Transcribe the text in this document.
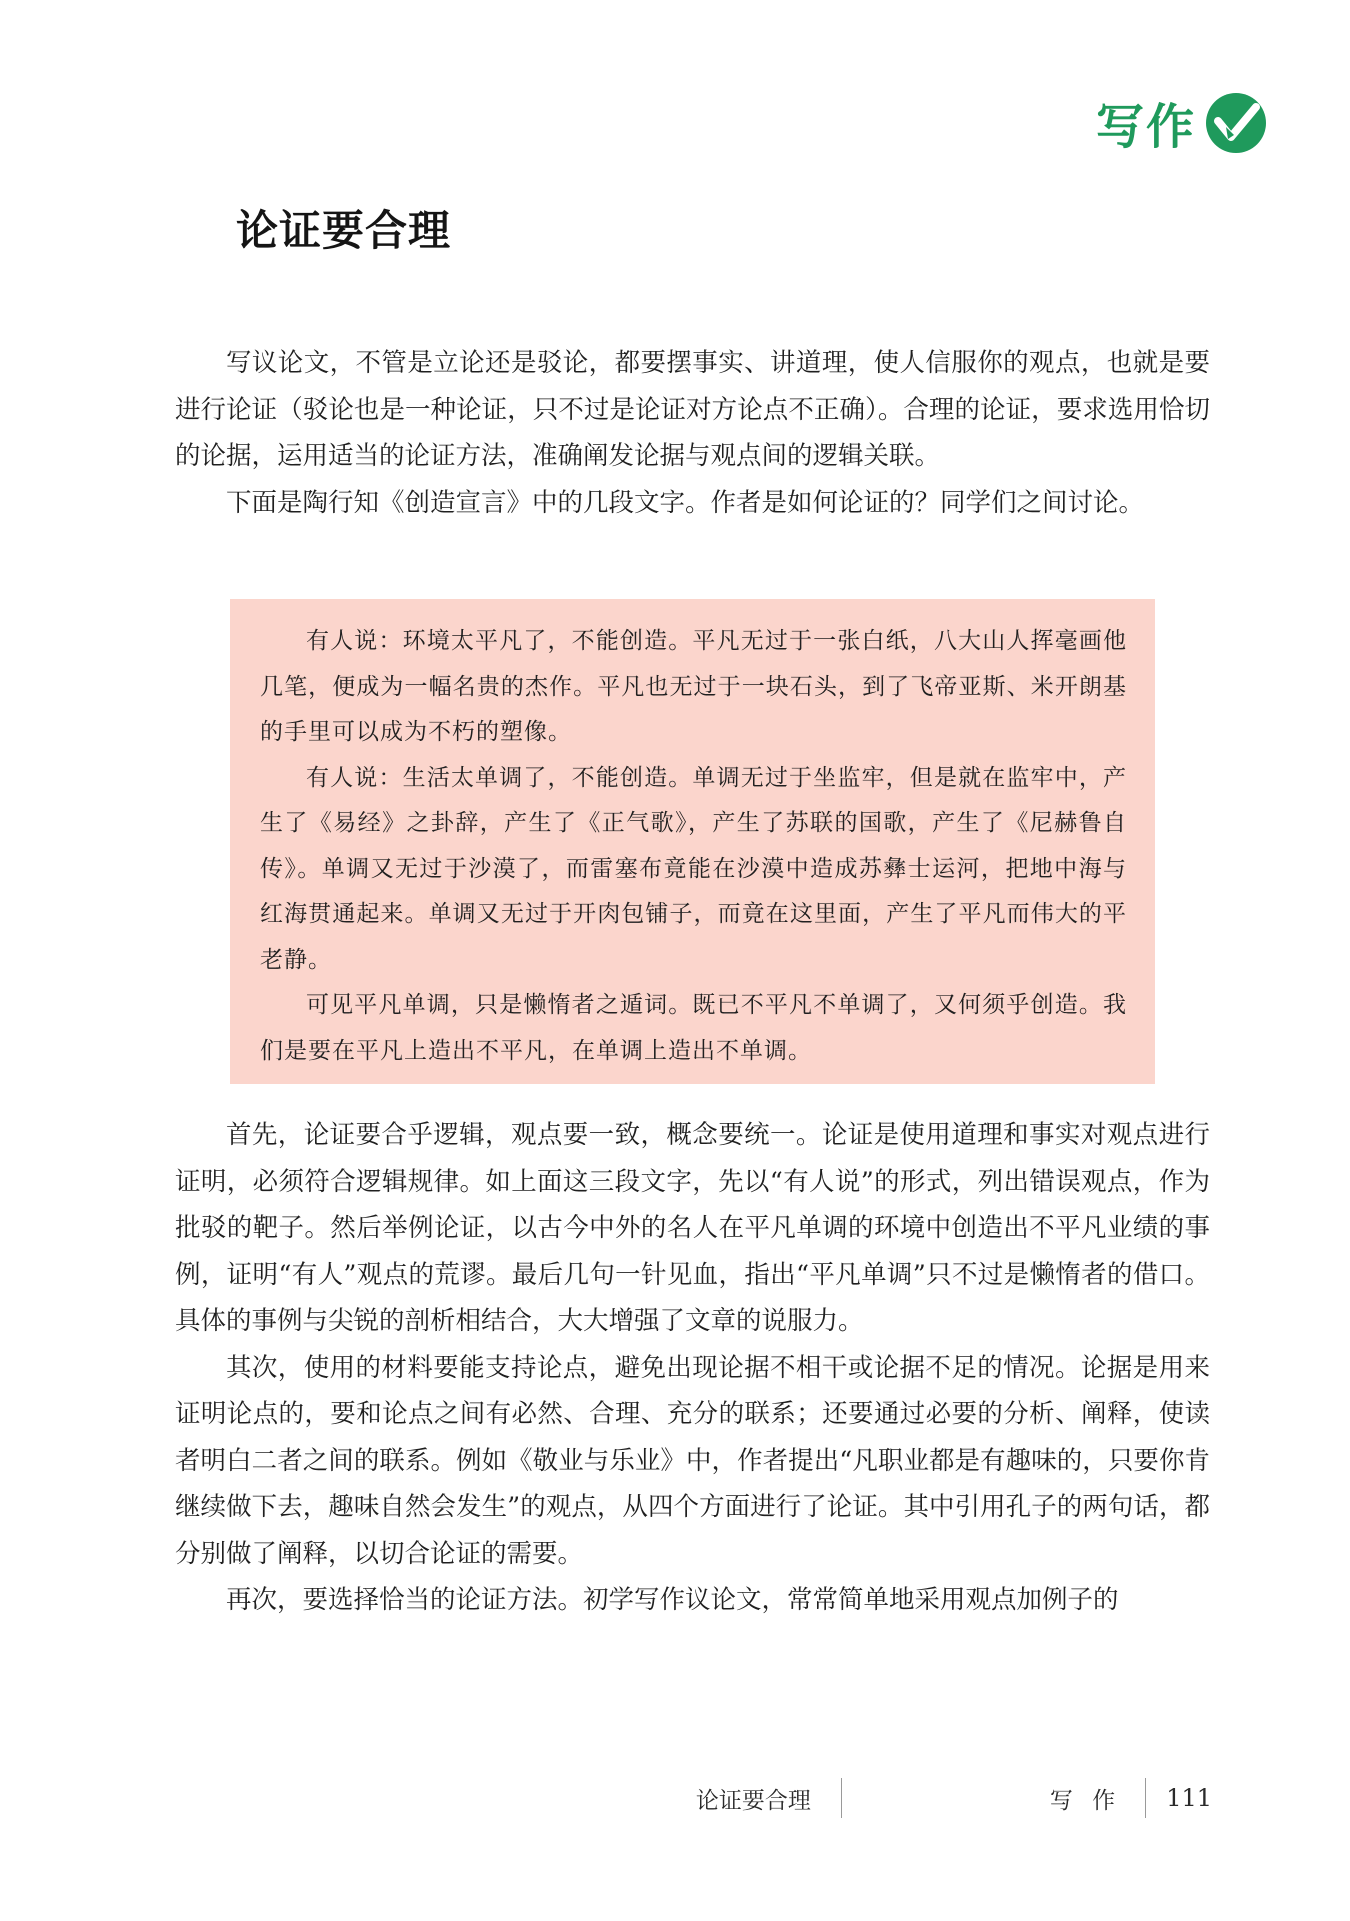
写作
论证要合理

写议论文，不管是立论还是驳论，都要摆事实、讲道理，使人信服你的观点，也就是要进行论证（驳论也是一种论证，只不过是论证对方论点不正确）。合理的论证，要求选用恰切的论据，运用适当的论证方法，准确阐发论据与观点间的逻辑关联。

下面是陶行知《创造宣言》中的几段文字。作者是如何论证的？同学们之间讨论。

有人说：环境太平凡了，不能创造。平凡无过于一张白纸，八大山人挥毫画他几笔，便成为一幅名贵的杰作。平凡也无过于一块石头，到了飞帝亚斯、米开朗基的手里可以成为不朽的塑像。

有人说：生活太单调了，不能创造。单调无过于坐监牢，但是就在监牢中，产生了《易经》之卦辞，产生了《正气歌》，产生了苏联的国歌，产生了《尼赫鲁自传》。单调又无过于沙漠了，而雷塞布竟能在沙漠中造成苏彝士运河，把地中海与红海贯通起来。单调又无过于开肉包铺子，而竟在这里面，产生了平凡而伟大的平老静。

可见平凡单调，只是懒惰者之遁词。既已不平凡不单调了，又何须乎创造。我们是要在平凡上造出不平凡，在单调上造出不单调。

首先，论证要合乎逻辑，观点要一致，概念要统一。论证是使用道理和事实对观点进行证明，必须符合逻辑规律。如上面这三段文字，先以“有人说”的形式，列出错误观点，作为批驳的靶子。然后举例论证，以古今中外的名人在平凡单调的环境中创造出不平凡业绩的事例，证明“有人”观点的荒谬。最后几句一针见血，指出“平凡单调”只不过是懒惰者的借口。具体的事例与尖锐的剖析相结合，大大增强了文章的说服力。

其次，使用的材料要能支持论点，避免出现论据不相干或论据不足的情况。论据是用来证明论点的，要和论点之间有必然、合理、充分的联系；还要通过必要的分析、阐释，使读者明白二者之间的联系。例如《敬业与乐业》中，作者提出“凡职业都是有趣味的，只要你肯继续做下去，趣味自然会发生”的观点，从四个方面进行了论证。其中引用孔子的两句话，都分别做了阐释，以切合论证的需要。

再次，要选择恰当的论证方法。初学写作议论文，常常简单地采用观点加例子的

论证要合理	写 作	111
